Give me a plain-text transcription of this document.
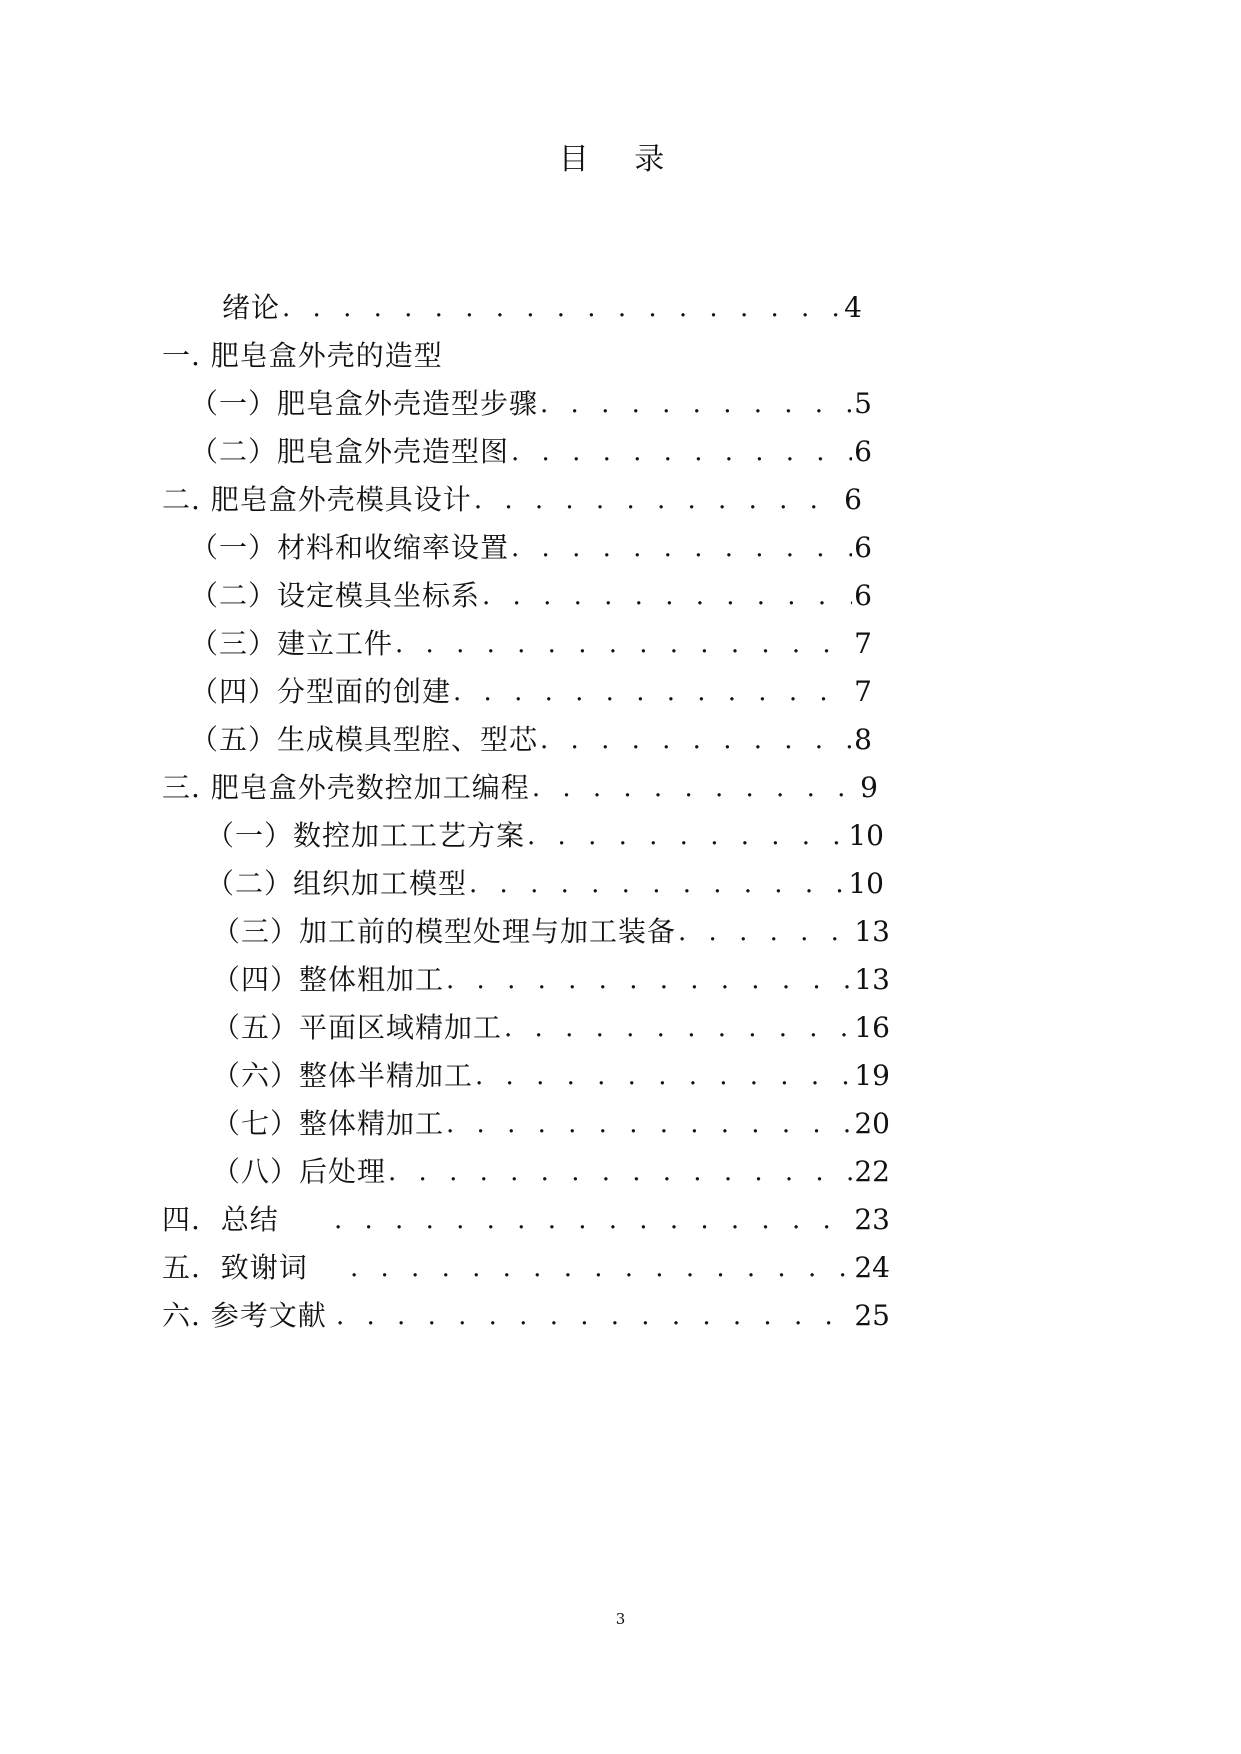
目 录
绪论 . . .	4
一. 肥皂盒外壳的造型
（一）肥皂盒外壳造型步骤 . . .	5
（二）肥皂盒外壳造型图 . . .	6
二. 肥皂盒外壳模具设计 . . .	6
（一）材料和收缩率设置 . . .	6
（二）设定模具坐标系 . . .	6
（三）建立工件 . . .	7
（四）分型面的创建 . . .	7
（五）生成模具型腔、型芯 . . .	8
三. 肥皂盒外壳数控加工编程 . . .	9
（一）数控加工工艺方案 . . .	10
（二）组织加工模型 . . .	10
（三）加工前的模型处理与加工装备 . . .	13
（四）整体粗加工 . . .	13
（五）平面区域精加工 . . .	16
（六）整体半精加工 . . .	19
（七）整体精加工 . . .	20
（八）后处理 . . .	22
四.  总结 . . .	23
五.  致谢词 . . .	24
六. 参考文献 . . .	25
3
